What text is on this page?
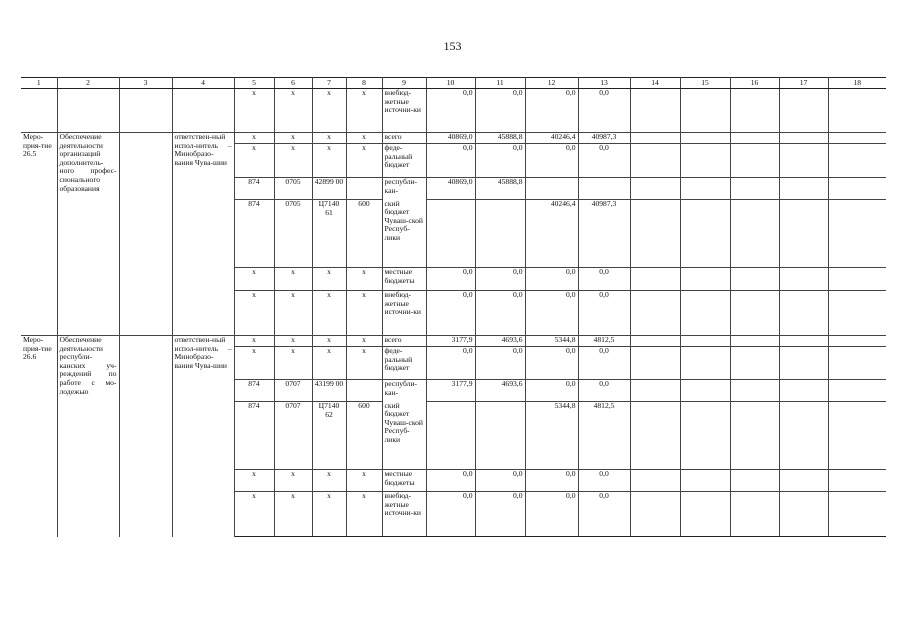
153
1	2	3	4	5	6	7	8	9	10	11	12	13	14	15	16	17	18
				х	х	х	х	внебюд-жетные источни-ки	0,0	0,0	0,0	0,0					
Меро-прия-тие 26.5	Обеспечение деятельности организаций дополнитель-ного профес-сионального образования		ответствен-ный испол-нитель – Минобразо-вания Чува-шии	х	х	х	х	всего	40869,0	45888,8	40246,4	40987,3					
				х	х	х	х	феде-ральный бюджет	0,0	0,0	0,0	0,0					
				874	0705	42899 00		республи-кан-	40869,0	45888,8							
				874	0705	Ц7140 61	600	ский бюджет Чуваш-ской Респуб-лики			40246,4	40987,3					
				х	х	х	х	местные бюджеты	0,0	0,0	0,0	0,0					
				х	х	х	х	внебюд-жетные источни-ки	0,0	0,0	0,0	0,0					
Меро-прия-тие 26.6	Обеспечение деятельности республи-канских уч-реждений по работе с мо-лодежью		ответствен-ный испол-нитель – Минобразо-вания Чува-шии	х	х	х	х	всего	3177,9	4693,6	5344,8	4812,5					
				х	х	х	х	феде-ральный бюджет	0,0	0,0	0,0	0,0					
				874	0707	43199 00		республи-кан-	3177,9	4693,6	0,0	0,0					
				874	0707	Ц7140 62	600	ский бюджет Чуваш-ской Респуб-лики			5344,8	4812,5					
				х	х	х	х	местные бюджеты	0,0	0,0	0,0	0,0					
				х	х	х	х	внебюд-жетные источни-ки	0,0	0,0	0,0	0,0					
